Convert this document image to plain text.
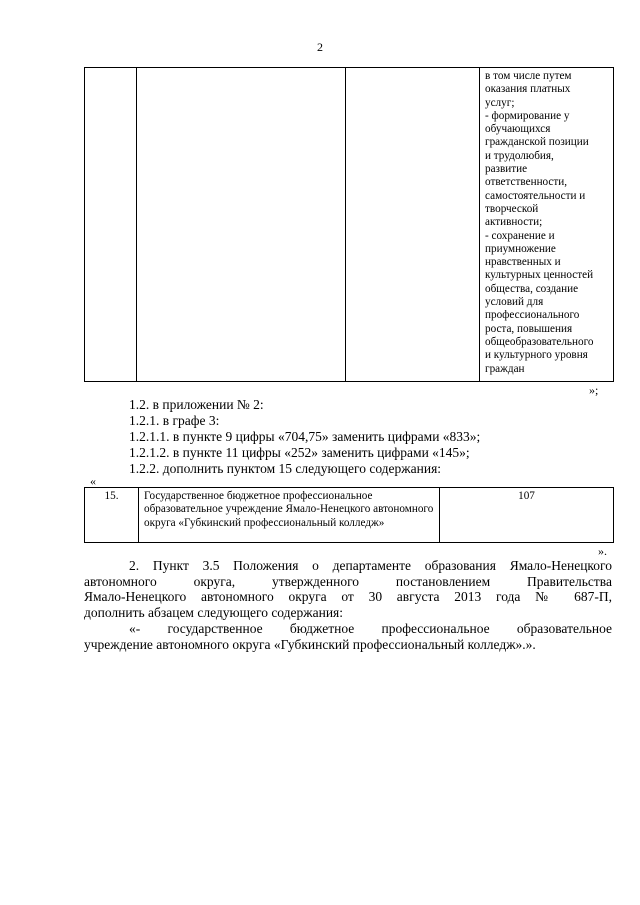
2

в том числе путем
оказания платных
услуг;
- формирование у
обучающихся
гражданской позиции
и трудолюбия,
развитие
ответственности,
самостоятельности и
творческой
активности;
- сохранение и
приумножение
нравственных и
культурных ценностей
общества, создание
условий для
профессионального
роста, повышения
общеобразовательного
и культурного уровня
граждан
»;
1.2. в приложении № 2:
1.2.1. в графе 3:
1.2.1.1. в пункте 9 цифры «704,75» заменить цифрами «833»;
1.2.1.2. в пункте 11 цифры «252» заменить цифрами «145»;
1.2.2. дополнить пунктом 15 следующего содержания:
«
15.	Государственное бюджетное профессиональное образовательное учреждение Ямало-Ненецкого автономного округа «Губкинский профессиональный колледж»	107
».
2. Пункт 3.5 Положения о департаменте образования Ямало-Ненецкого
автономного округа, утвержденного постановлением Правительства
Ямало-Ненецкого автономного округа от 30 августа 2013 года № 687-П,
дополнить абзацем следующего содержания:
«- государственное бюджетное профессиональное образовательное
учреждение автономного округа «Губкинский профессиональный колледж».».
